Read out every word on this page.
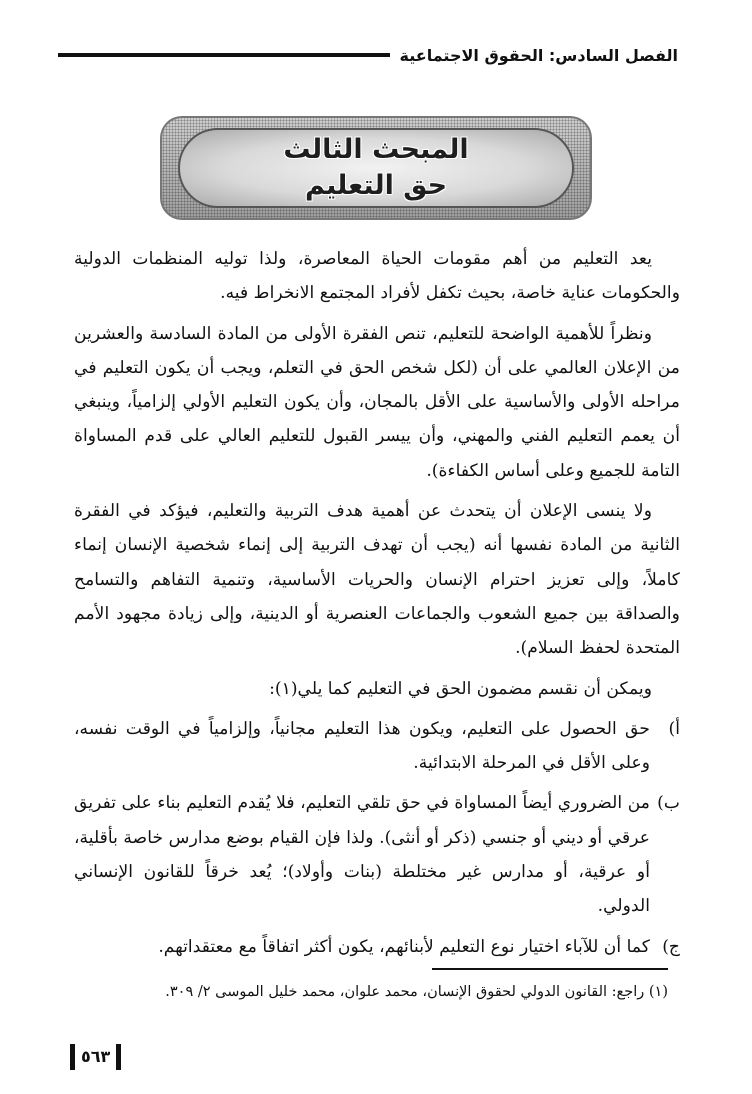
الفصل السادس: الحقوق الاجتماعية
المبحث الثالث
حق التعليم

يعد التعليم من أهم مقومات الحياة المعاصرة، ولذا توليه المنظمات الدولية والحكومات عناية خاصة، بحيث تكفل لأفراد المجتمع الانخراط فيه.

ونظراً للأهمية الواضحة للتعليم، تنص الفقرة الأولى من المادة السادسة والعشرين من الإعلان العالمي على أن (لكل شخص الحق في التعلم، ويجب أن يكون التعليم في مراحله الأولى والأساسية على الأقل بالمجان، وأن يكون التعليم الأولي إلزامياً، وينبغي أن يعمم التعليم الفني والمهني، وأن ييسر القبول للتعليم العالي على قدم المساواة التامة للجميع وعلى أساس الكفاءة).

ولا ينسى الإعلان أن يتحدث عن أهمية هدف التربية والتعليم، فيؤكد في الفقرة الثانية من المادة نفسها أنه (يجب أن تهدف التربية إلى إنماء شخصية الإنسان إنماء كاملاً، وإلى تعزيز احترام الإنسان والحريات الأساسية، وتنمية التفاهم والتسامح والصداقة بين جميع الشعوب والجماعات العنصرية أو الدينية، وإلى زيادة مجهود الأمم المتحدة لحفظ السلام).

ويمكن أن نقسم مضمون الحق في التعليم كما يلي(١):

أ)
حق الحصول على التعليم، ويكون هذا التعليم مجانياً، وإلزامياً في الوقت نفسه، وعلى الأقل في المرحلة الابتدائية.
ب)
من الضروري أيضاً المساواة في حق تلقي التعليم، فلا يُقدم التعليم بناء على تفريق عرقي أو ديني أو جنسي (ذكر أو أنثى). ولذا فإن القيام بوضع مدارس خاصة بأقلية، أو عرقية، أو مدارس غير مختلطة (بنات وأولاد)؛ يُعد خرقاً للقانون الإنساني الدولي.
ج)
كما أن للآباء اختيار نوع التعليم لأبنائهم، يكون أكثر اتفاقاً مع معتقداتهم.
(١) راجع: القانون الدولي لحقوق الإنسان، محمد علوان، محمد خليل الموسى ٢/ ٣٠٩.
٥٦٣
